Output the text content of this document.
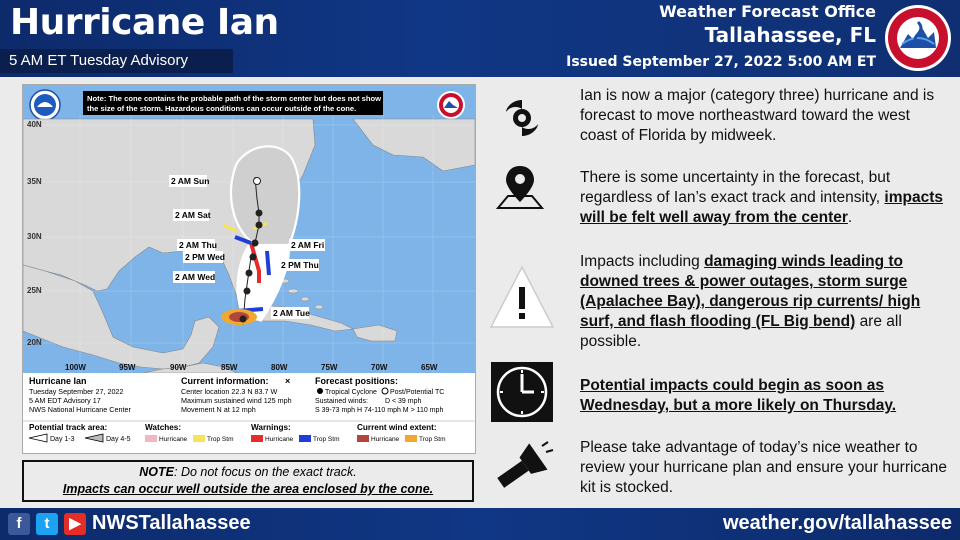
Hurricane Ian
5 AM ET Tuesday Advisory
Weather Forecast Office
Tallahassee, FL
Issued September 27, 2022 5:00 AM ET
Note: The cone contains the probable path of the storm center but does not show
the size of the storm. Hazardous conditions can occur outside of the cone.
2 AM Sun
2 AM Sat
2 AM Fri
2 AM Thu
2 PM Thu
2 PM Wed
2 AM Wed
2 AM Tue
40N
35N
30N
25N
20N
100W	95W	90W	85W	80W	75W	70W	65W
Hurricane Ian
Tuesday September 27, 2022
5 AM EDT Advisory 17
NWS National Hurricane Center
Current information: ×
Center location 22.3 N 83.7 W
Maximum sustained wind 125 mph
Movement N at 12 mph
Forecast positions:
Tropical Cyclone Post/Potential TC
Sustained winds: D < 39 mph
S 39-73 mph H 74-110 mph M > 110 mph
Potential track area:
Day 1-3	Day 4-5
Watches:
Hurricane	Trop Stm
Warnings:
Hurricane	Trop Stm
Current wind extent:
Hurricane	Trop Stm
NOTE: Do not focus on the exact track.
Impacts can occur well outside the area enclosed by the cone.
Ian is now a major (category three) hurricane and is forecast to move northeastward toward the west coast of Florida by midweek.
There is some uncertainty in the forecast, but regardless of Ian’s exact track and intensity, impacts will be felt well away from the center.
Impacts including damaging winds leading to downed trees & power outages, storm surge (Apalachee Bay), dangerous rip currents/ high surf, and flash flooding (FL Big bend) are all possible.
Potential impacts could begin as soon as Wednesday, but a more likely on Thursday.
Please take advantage of today’s nice weather to review your hurricane plan and ensure your hurricane kit is stocked.
f	t	▶ NWSTallahassee	weather.gov/tallahassee
